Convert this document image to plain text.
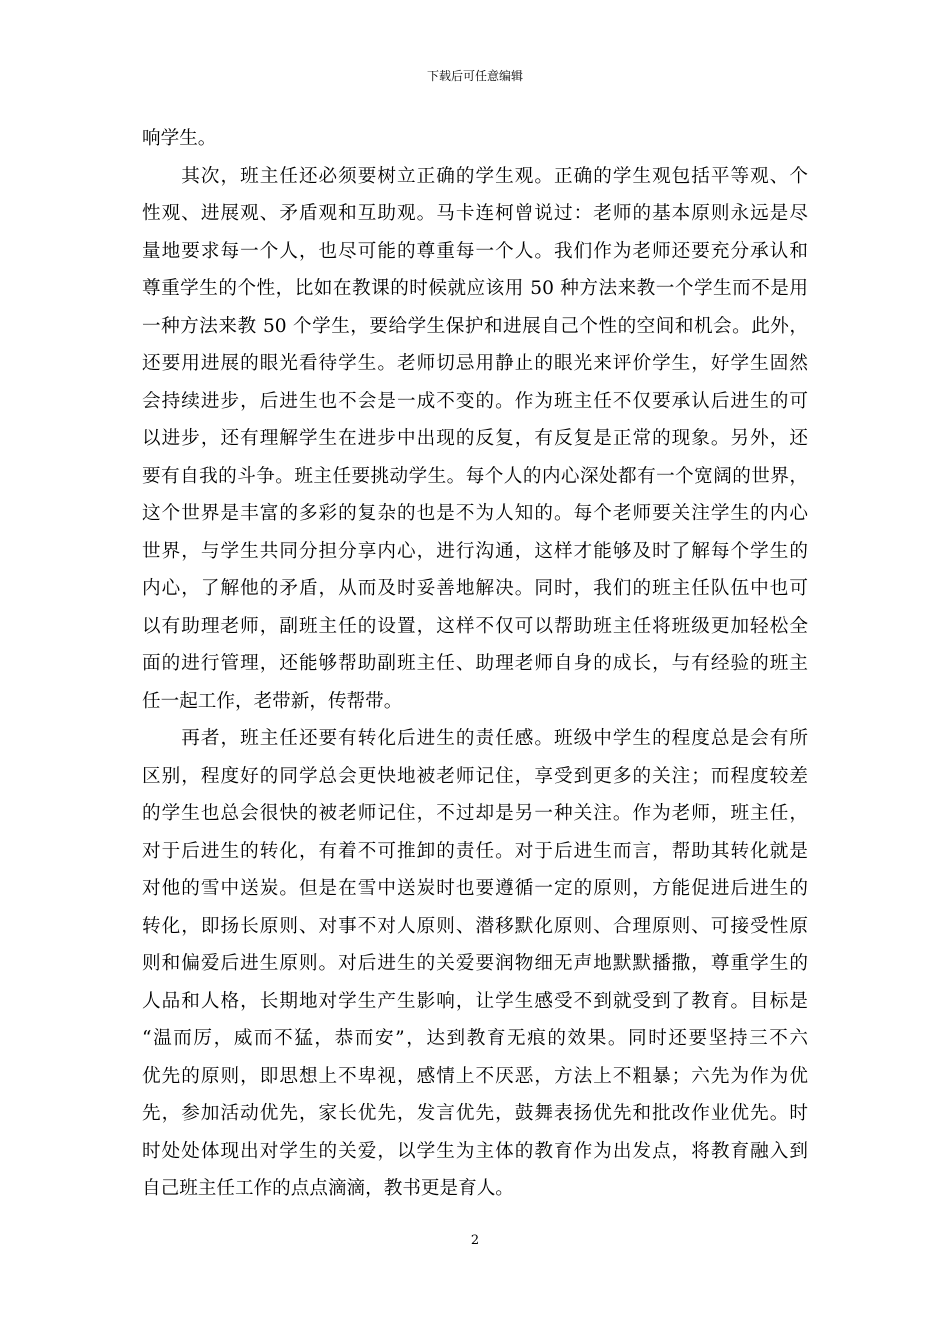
下载后可任意编辑
响学生。
　　其次，班主任还必须要树立正确的学生观。正确的学生观包括平等观、个
性观、进展观、矛盾观和互助观。马卡连柯曾说过：老师的基本原则永远是尽
量地要求每一个人，也尽可能的尊重每一个人。我们作为老师还要充分承认和
尊重学生的个性，比如在教课的时候就应该用 50 种方法来教一个学生而不是用
一种方法来教 50 个学生，要给学生保护和进展自己个性的空间和机会。此外，
还要用进展的眼光看待学生。老师切忌用静止的眼光来评价学生，好学生固然
会持续进步，后进生也不会是一成不变的。作为班主任不仅要承认后进生的可
以进步，还有理解学生在进步中出现的反复，有反复是正常的现象。另外，还
要有自我的斗争。班主任要挑动学生。每个人的内心深处都有一个宽阔的世界，
这个世界是丰富的多彩的复杂的也是不为人知的。每个老师要关注学生的内心
世界，与学生共同分担分享内心，进行沟通，这样才能够及时了解每个学生的
内心，了解他的矛盾，从而及时妥善地解决。同时，我们的班主任队伍中也可
以有助理老师，副班主任的设置，这样不仅可以帮助班主任将班级更加轻松全
面的进行管理，还能够帮助副班主任、助理老师自身的成长，与有经验的班主
任一起工作，老带新，传帮带。
　　再者，班主任还要有转化后进生的责任感。班级中学生的程度总是会有所
区别，程度好的同学总会更快地被老师记住，享受到更多的关注；而程度较差
的学生也总会很快的被老师记住，不过却是另一种关注。作为老师，班主任，
对于后进生的转化，有着不可推卸的责任。对于后进生而言，帮助其转化就是
对他的雪中送炭。但是在雪中送炭时也要遵循一定的原则，方能促进后进生的
转化，即扬长原则、对事不对人原则、潜移默化原则、合理原则、可接受性原
则和偏爱后进生原则。对后进生的关爱要润物细无声地默默播撒，尊重学生的
人品和人格，长期地对学生产生影响，让学生感受不到就受到了教育。目标是
“温而厉，威而不猛，恭而安”，达到教育无痕的效果。同时还要坚持三不六
优先的原则，即思想上不卑视，感情上不厌恶，方法上不粗暴；六先为作为优
先，参加活动优先，家长优先，发言优先，鼓舞表扬优先和批改作业优先。时
时处处体现出对学生的关爱，以学生为主体的教育作为出发点，将教育融入到
自己班主任工作的点点滴滴，教书更是育人。
2
